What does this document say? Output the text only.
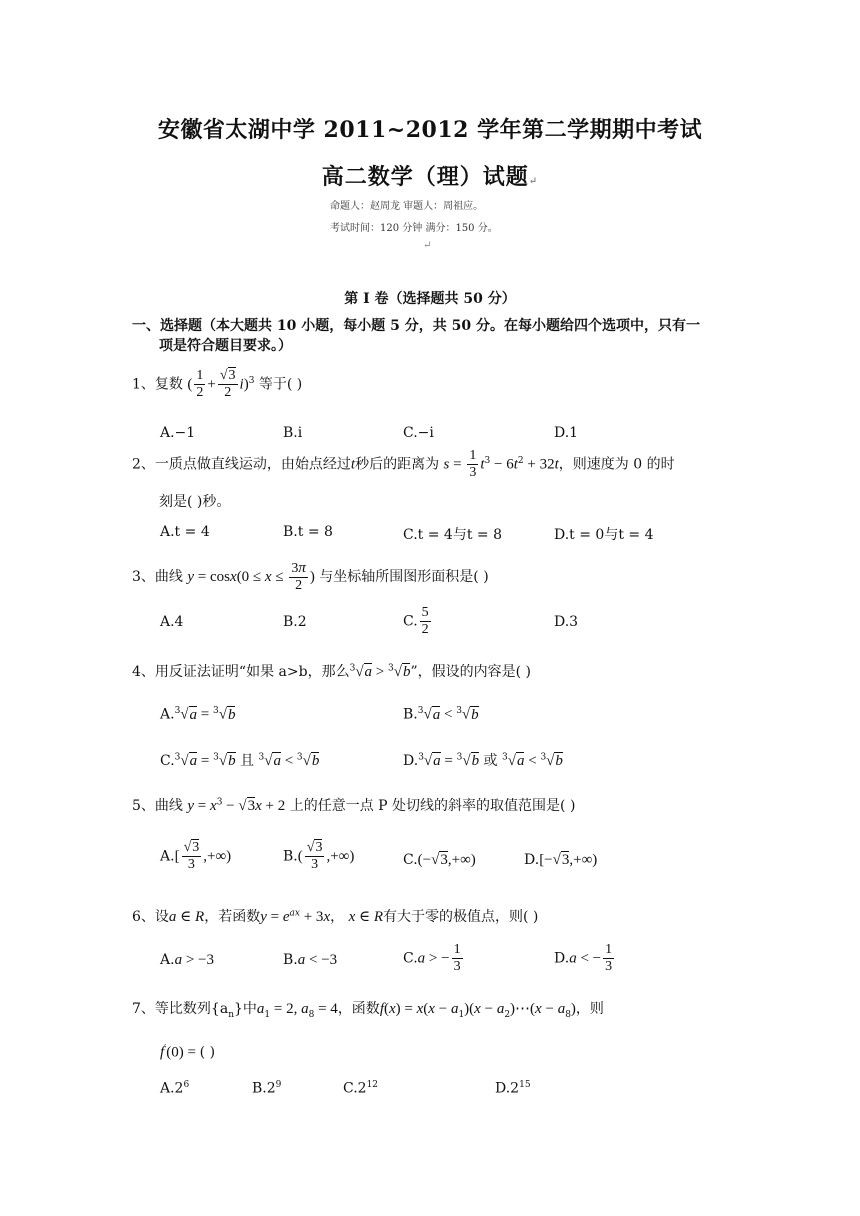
安徽省太湖中学 2011~2012 学年第二学期期中考试
高二数学（理）试题↵
命题人：赵周龙 审题人：周祖应。
考试时间：120 分钟 满分：150 分。
↵
第 I 卷（选择题共 50 分）
一、选择题（本大题共 10 小题，每小题 5 分，共 50 分。在每小题给四个选项中，只有一
项是符合题目要求。）
1、复数 ( $\frac{1}{2} + \frac{√3}{2} i)^3$ 等于( )
A.−1	B.i	C.−i	D.1
2、一质点做直线运动，由始点经过t秒后的距离为 $s = \frac{1}{3} t^3 - 6t^2 + 32t$，则速度为 0 的时
刻是( )秒。
A.t = 4	B.t = 8	C.t = 4与t = 8	D.t = 0与t = 4
3、曲线 $y = \cos x(0 \le x \le \frac{3\pi}{2}$ ) 与坐标轴所围图形面积是( )
A.4	B.2	C. $\frac{5}{2}$	D.3
4、用反证法证明“如果 a>b，那么$^3$√a > $^3$√b”，假设的内容是( )
A.$^3$√a = $^3$√b	B.$^3$√a < $^3$√b
C.$^3$√a = $^3$√b 且 $^3$√a < $^3$√b	D.$^3$√a = $^3$√b 或 $^3$√a < $^3$√b
5、曲线 $y = x^3 - √3x + 2$ 上的任意一点 P 处切线的斜率的取值范围是( )
$A.[ \frac{√3}{3}$ ,+∞)	$B.( \frac{√3}{3}$ ,+∞)	C.(−√3,+∞)	D.[−√3,+∞)
6、设a ∈ R，若函数$y = e^{ax} + 3x$， x ∈ R有大于零的极值点，则( )
A.a > −3	B.a < −3	C.a > − $\frac{1}{3}$	D.a < − $\frac{1}{3}$
7、等比数列$\{a_n\}$中$a_1 = 2$, $a_8 = 4$，函数$f(x) = x(x - a_1)(x$ − $a_2)\cdots(x - a_8)$，则
f′(0) = ( )
$A.2^6$	$B.2^9$	$C.2^{12}$	$D.2^{15}$
